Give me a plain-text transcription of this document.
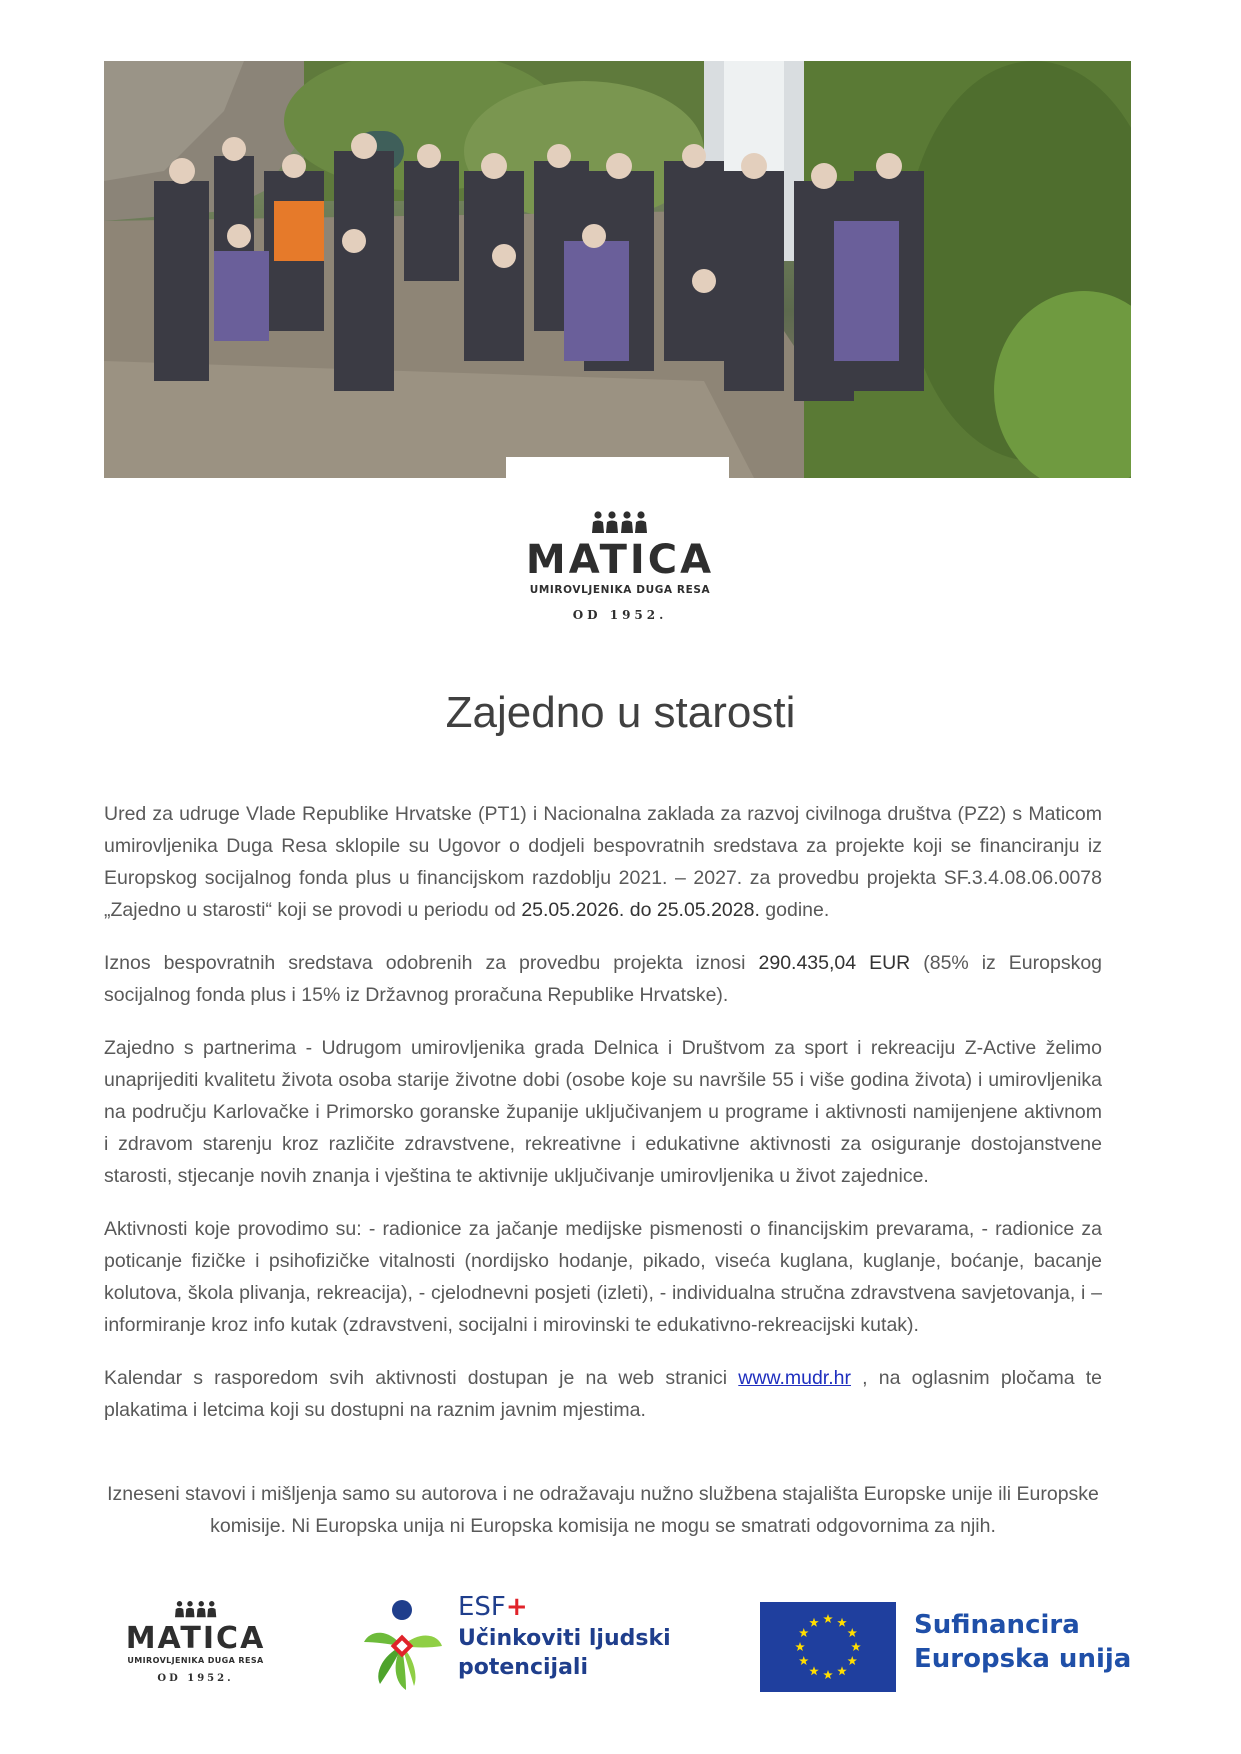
MATICA
UMIROVLJENIKA DUGA RESA
OD 1952.
Zajedno u starosti

Ured za udruge Vlade Republike Hrvatske (PT1) i Nacionalna zaklada za razvoj civilnoga društva (PZ2) s Maticom umirovljenika Duga Resa sklopile su Ugovor o dodjeli bespovratnih sredstava za projekte koji se financiranju iz Europskog socijalnog fonda plus u financijskom razdoblju 2021. – 2027. za provedbu projekta SF.3.4.08.06.0078 „Zajedno u starosti“ koji se provodi u periodu od 25.05.2026. do 25.05.2028. godine.

Iznos bespovratnih sredstava odobrenih za provedbu projekta iznosi 290.435,04 EUR (85% iz Europskog socijalnog fonda plus i 15% iz Državnog proračuna Republike Hrvatske).

Zajedno s partnerima - Udrugom umirovljenika grada Delnica i Društvom za sport i rekreaciju Z-Active želimo unaprijediti kvalitetu života osoba starije životne dobi (osobe koje su navršile 55 i više godina života) i umirovljenika na području Karlovačke i Primorsko goranske županije uključivanjem u programe i aktivnosti namijenjene aktivnom i zdravom starenju kroz različite zdravstvene, rekreativne i edukativne aktivnosti za osiguranje dostojanstvene starosti, stjecanje novih znanja i vještina te aktivnije uključivanje umirovljenika u život zajednice.

Aktivnosti koje provodimo su: - radionice za jačanje medijske pismenosti o financijskim prevarama, - radionice za poticanje fizičke i psihofizičke vitalnosti (nordijsko hodanje, pikado, viseća kuglana, kuglanje, boćanje, bacanje kolutova, škola plivanja, rekreacija), - cjelodnevni posjeti (izleti), - individualna stručna zdravstvena savjetovanja, i – informiranje kroz info kutak (zdravstveni, socijalni i mirovinski te edukativno-rekreacijski kutak).

Kalendar s rasporedom svih aktivnosti dostupan je na web stranici www.mudr.hr , na oglasnim pločama te plakatima i letcima koji su dostupni na raznim javnim mjestima.

Izneseni stavovi i mišljenja samo su autorova i ne odražavaju nužno službena stajališta Europske unije ili Europske komisije. Ni Europska unija ni Europska komisija ne mogu se smatrati odgovornima za njih.
MATICA
UMIROVLJENIKA DUGA RESA
OD 1952.
ESF+
Učinkoviti ljudski
potencijali
Sufinancira
Europska unija
